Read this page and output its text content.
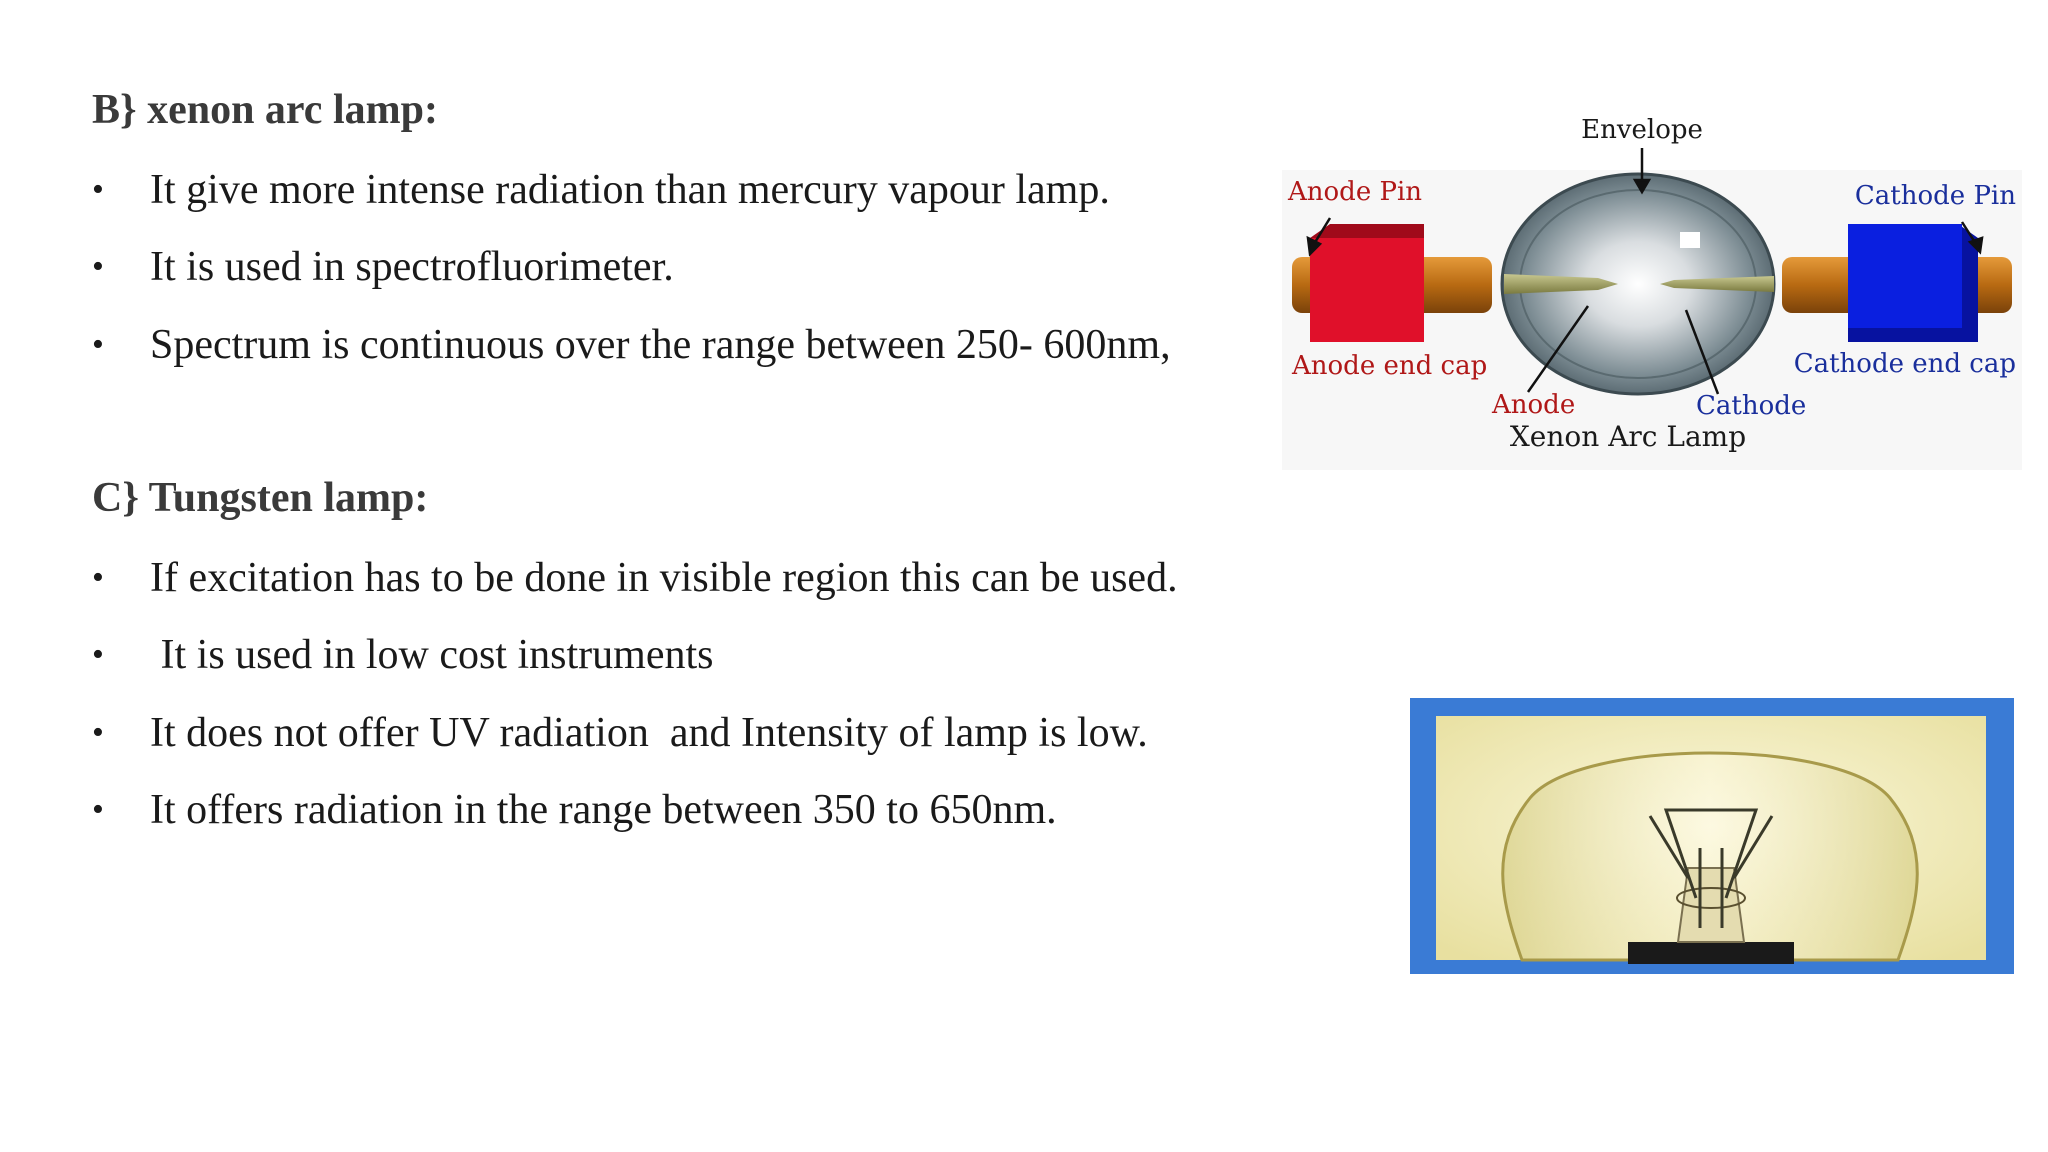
B} xenon arc lamp:

•

It give more intense radiation than mercury vapour lamp.

•

It is used in spectrofluorimeter.

•

Spectrum is continuous over the range between 250- 600nm,

C} Tungsten lamp:

•

If excitation has to be done in visible region this can be used.

•

It is used in low cost instruments

•

It does not offer UV radiation  and Intensity of lamp is low.

•

It offers radiation in the range between 350 to 650nm.

Envelope
Anode Pin	Cathode Pin
Anode end cap	Cathode end cap
Anode	Cathode
Xenon Arc Lamp
